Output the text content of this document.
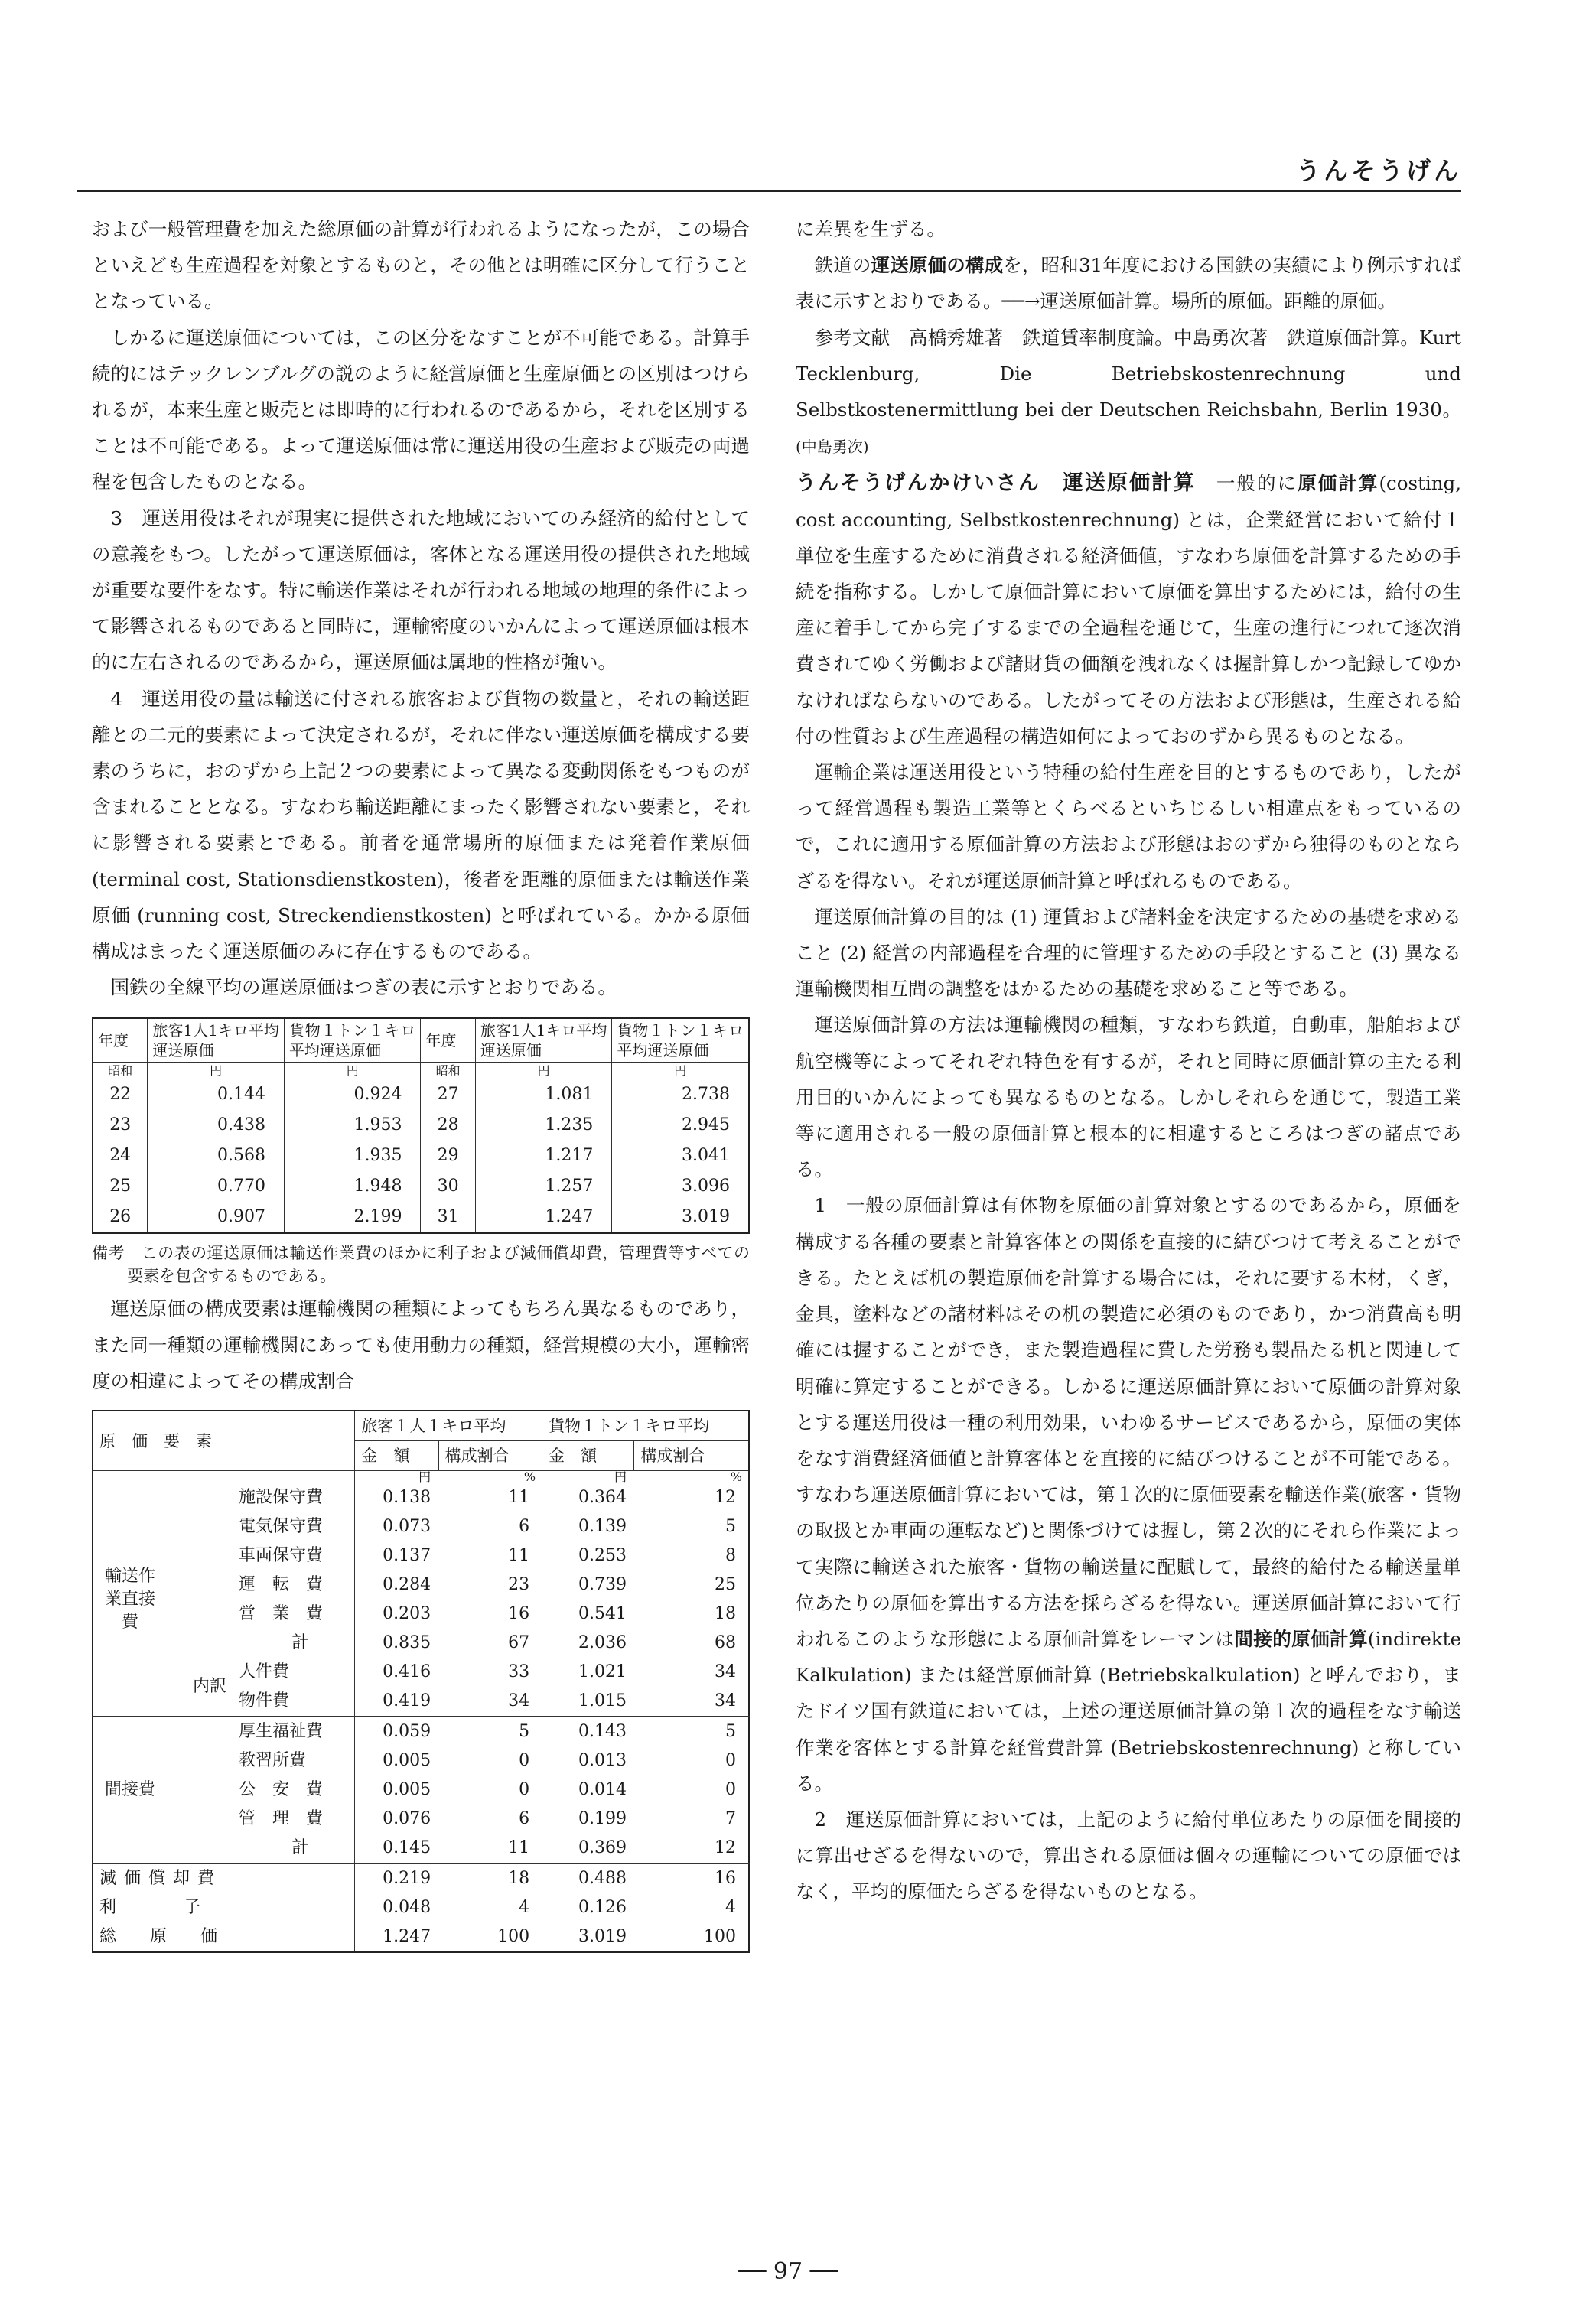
うんそうげん

および一般管理費を加えた総原価の計算が行われるようになったが，この場合といえども生産過程を対象とするものと，その他とは明確に区分して行うこととなっている。

しかるに運送原価については，この区分をなすことが不可能である。計算手続的にはテックレンブルグの説のように経営原価と生産原価との区別はつけられるが，本来生産と販売とは即時的に行われるのであるから，それを区別することは不可能である。よって運送原価は常に運送用役の生産および販売の両過程を包含したものとなる。

3　運送用役はそれが現実に提供された地域においてのみ経済的給付としての意義をもつ。したがって運送原価は，客体となる運送用役の提供された地域が重要な要件をなす。特に輸送作業はそれが行われる地域の地理的条件によって影響されるものであると同時に，運輸密度のいかんによって運送原価は根本的に左右されるのであるから，運送原価は属地的性格が強い。

4　運送用役の量は輸送に付される旅客および貨物の数量と，それの輸送距離との二元的要素によって決定されるが，それに伴ない運送原価を構成する要素のうちに，おのずから上記２つの要素によって異なる変動関係をもつものが含まれることとなる。すなわち輸送距離にまったく影響されない要素と，それに影響される要素とである。前者を通常場所的原価または発着作業原価(terminal cost, Stationsdienstkosten)，後者を距離的原価または輸送作業原価 (running cost, Streckendienstkosten) と呼ばれている。かかる原価構成はまったく運送原価のみに存在するものである。

国鉄の全線平均の運送原価はつぎの表に示すとおりである。

年度	旅客1人1キロ平均運送原価	貨物１トン１キロ平均運送原価	年度	旅客1人1キロ平均運送原価	貨物１トン１キロ平均運送原価
昭和	円	円	昭和	円	円
22	0.144	0.924	27	1.081	2.738
23	0.438	1.953	28	1.235	2.945
24	0.568	1.935	29	1.217	3.041
25	0.770	1.948	30	1.257	3.096
26	0.907	2.199	31	1.247	3.019
備考　この表の運送原価は輸送作業費のほかに利子および減価償却費，管理費等すべての要素を包含するものである。

運送原価の構成要素は運輸機関の種類によってもちろん異なるものであり，また同一種類の運輸機関にあっても使用動力の種類，経営規模の大小，運輸密度の相違によってその構成割合

原　価　要　素			旅客１人１キロ平均		貨物１トン１キロ平均	
			金　額	構成割合	金　額	構成割合
			円	%	円	%
輸送作業直接費		施設保守費	0.138	11	0.364	12
		電気保守費	0.073	6	0.139	5
		車両保守費	0.137	11	0.253	8
		運　転　費	0.284	23	0.739	25
		営　業　費	0.203	16	0.541	18
		計	0.835	67	2.036	68
	内訳	人件費	0.416	33	1.021	34
		物件費	0.419	34	1.015	34
間接費		厚生福祉費	0.059	5	0.143	5
		教習所費	0.005	0	0.013	0
		公　安　費	0.005	0	0.014	0
		管　理　費	0.076	6	0.199	7
		計	0.145	11	0.369	12
減価償却費			0.219	18	0.488	16
利　　　　子			0.048	4	0.126	4
総　　原　　価			1.247	100	3.019	100

に差異を生ずる。

鉄道の運送原価の構成を，昭和31年度における国鉄の実績により例示すれば表に示すとおりである。──→運送原価計算。場所的原価。距離的原価。

参考文献　高橋秀雄著　鉄道賃率制度論。中島勇次著　鉄道原価計算。Kurt Tecklenburg, Die Betriebskostenrechnung und Selbstkostenermittlung bei der Deutschen Reichsbahn, Berlin 1930。(中島勇次)

うんそうげんかけいさん　運送原価計算　一般的に原価計算(costing, cost accounting, Selbstkostenrechnung) とは，企業経営において給付１単位を生産するために消費される経済価値，すなわち原価を計算するための手続を指称する。しかして原価計算において原価を算出するためには，給付の生産に着手してから完了するまでの全過程を通じて，生産の進行につれて逐次消費されてゆく労働および諸財貨の価額を洩れなくは握計算しかつ記録してゆかなければならないのである。したがってその方法および形態は，生産される給付の性質および生産過程の構造如何によっておのずから異るものとなる。

運輸企業は運送用役という特種の給付生産を目的とするものであり，したがって経営過程も製造工業等とくらべるといちじるしい相違点をもっているので，これに適用する原価計算の方法および形態はおのずから独得のものとならざるを得ない。それが運送原価計算と呼ばれるものである。

運送原価計算の目的は (1) 運賃および諸料金を決定するための基礎を求めること (2) 経営の内部過程を合理的に管理するための手段とすること (3) 異なる運輸機関相互間の調整をはかるための基礎を求めること等である。

運送原価計算の方法は運輸機関の種類，すなわち鉄道，自動車，船舶および航空機等によってそれぞれ特色を有するが，それと同時に原価計算の主たる利用目的いかんによっても異なるものとなる。しかしそれらを通じて，製造工業等に適用される一般の原価計算と根本的に相違するところはつぎの諸点である。

1　一般の原価計算は有体物を原価の計算対象とするのであるから，原価を構成する各種の要素と計算客体との関係を直接的に結びつけて考えることができる。たとえば机の製造原価を計算する場合には，それに要する木材，くぎ，金具，塗料などの諸材料はその机の製造に必須のものであり，かつ消費高も明確には握することができ，また製造過程に費した労務も製品たる机と関連して明確に算定することができる。しかるに運送原価計算において原価の計算対象とする運送用役は一種の利用効果，いわゆるサービスであるから，原価の実体をなす消費経済価値と計算客体とを直接的に結びつけることが不可能である。すなわち運送原価計算においては，第１次的に原価要素を輸送作業(旅客・貨物の取扱とか車両の運転など)と関係づけては握し，第２次的にそれら作業によって実際に輸送された旅客・貨物の輸送量に配賦して，最終的給付たる輸送量単位あたりの原価を算出する方法を採らざるを得ない。運送原価計算において行われるこのような形態による原価計算をレーマンは間接的原価計算(indirekte Kalkulation) または経営原価計算 (Betriebskalkulation) と呼んでおり，またドイツ国有鉄道においては，上述の運送原価計算の第１次的過程をなす輸送作業を客体とする計算を経営費計算 (Betriebskostenrechnung) と称している。

2　運送原価計算においては，上記のように給付単位あたりの原価を間接的に算出せざるを得ないので，算出される原価は個々の運輸についての原価ではなく，平均的原価たらざるを得ないものとなる。

── 97 ──
